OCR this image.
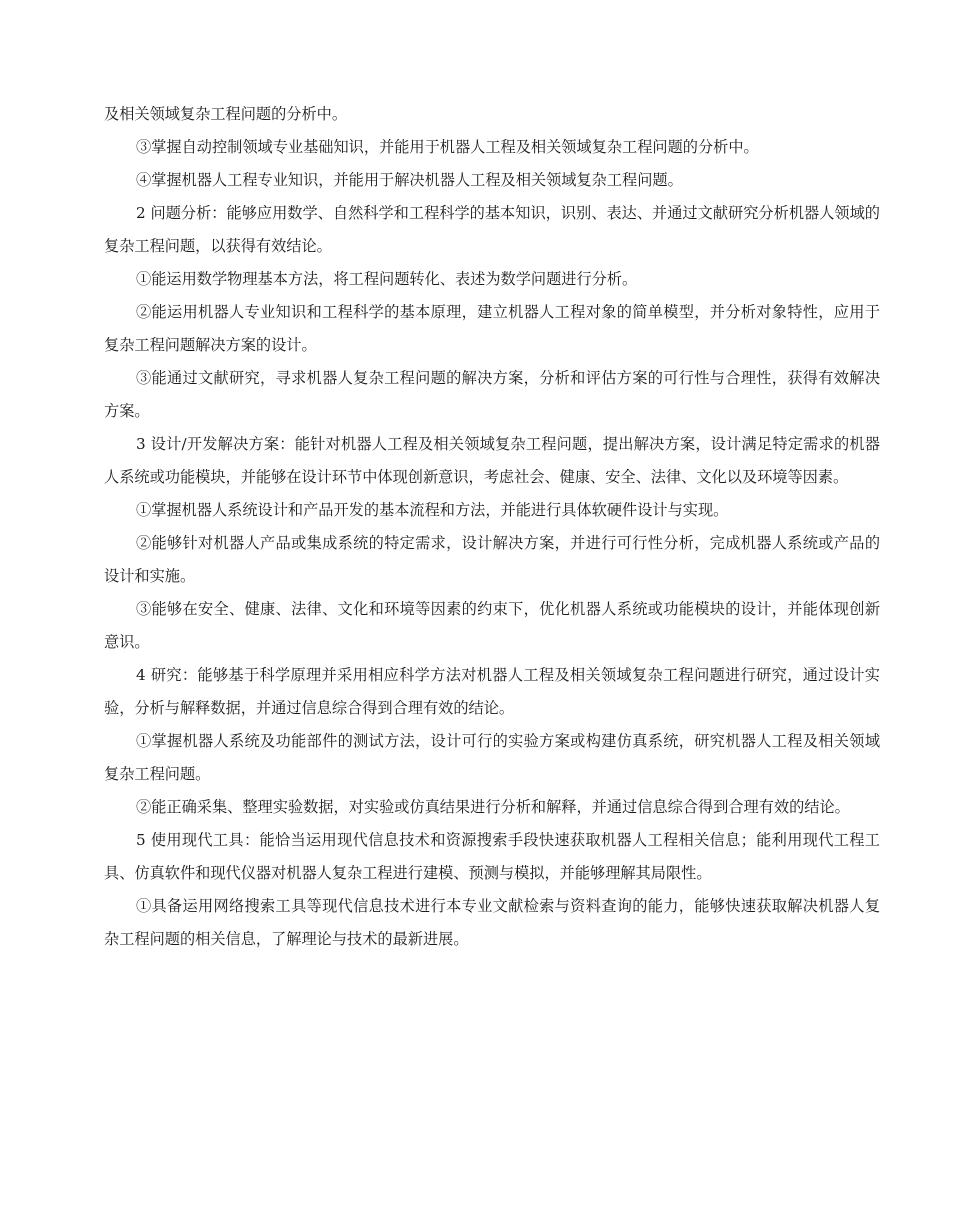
及相关领域复杂工程问题的分析中。

③掌握自动控制领域专业基础知识，并能用于机器人工程及相关领域复杂工程问题的分析中。

④掌握机器人工程专业知识，并能用于解决机器人工程及相关领域复杂工程问题。

2 问题分析：能够应用数学、自然科学和工程科学的基本知识，识别、表达、并通过文献研究分析机器人领域的复杂工程问题，以获得有效结论。

①能运用数学物理基本方法，将工程问题转化、表述为数学问题进行分析。

②能运用机器人专业知识和工程科学的基本原理，建立机器人工程对象的简单模型，并分析对象特性，应用于复杂工程问题解决方案的设计。

③能通过文献研究，寻求机器人复杂工程问题的解决方案，分析和评估方案的可行性与合理性，获得有效解决方案。

3 设计/开发解决方案：能针对机器人工程及相关领域复杂工程问题，提出解决方案，设计满足特定需求的机器人系统或功能模块，并能够在设计环节中体现创新意识，考虑社会、健康、安全、法律、文化以及环境等因素。

①掌握机器人系统设计和产品开发的基本流程和方法，并能进行具体软硬件设计与实现。

②能够针对机器人产品或集成系统的特定需求，设计解决方案，并进行可行性分析，完成机器人系统或产品的设计和实施。

③能够在安全、健康、法律、文化和环境等因素的约束下，优化机器人系统或功能模块的设计，并能体现创新意识。

4 研究：能够基于科学原理并采用相应科学方法对机器人工程及相关领域复杂工程问题进行研究，通过设计实验，分析与解释数据，并通过信息综合得到合理有效的结论。

①掌握机器人系统及功能部件的测试方法，设计可行的实验方案或构建仿真系统，研究机器人工程及相关领域复杂工程问题。

②能正确采集、整理实验数据，对实验或仿真结果进行分析和解释，并通过信息综合得到合理有效的结论。

5 使用现代工具：能恰当运用现代信息技术和资源搜索手段快速获取机器人工程相关信息；能利用现代工程工具、仿真软件和现代仪器对机器人复杂工程进行建模、预测与模拟，并能够理解其局限性。

①具备运用网络搜索工具等现代信息技术进行本专业文献检索与资料查询的能力，能够快速获取解决机器人复杂工程问题的相关信息，了解理论与技术的最新进展。
